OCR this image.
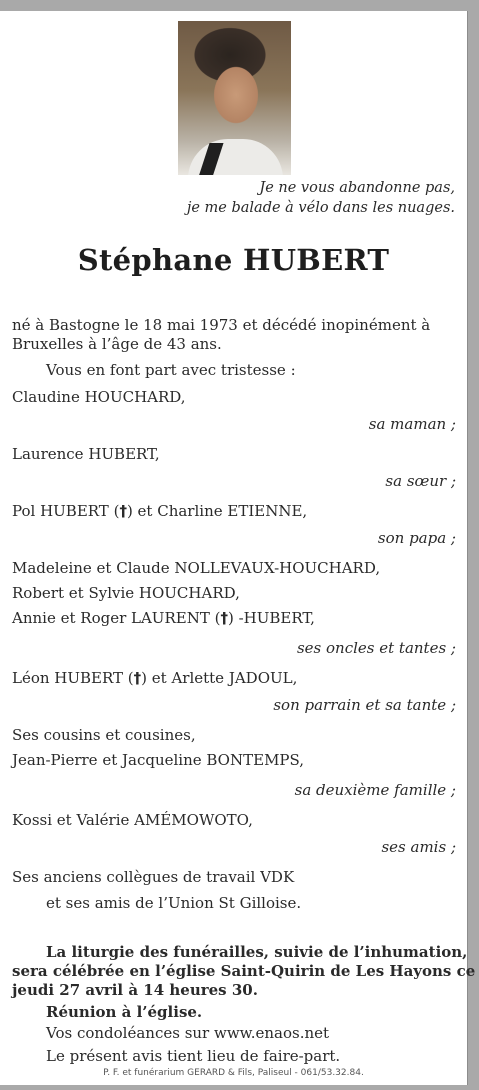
Je ne vous abandonne pas,
je me balade à vélo dans les nuages.
Stéphane HUBERT
né à Bastogne le 18 mai 1973 et décédé inopinément à
Bruxelles à l’âge de 43 ans.
Vous en font part avec tristesse :
Claudine HOUCHARD,
sa maman ;
Laurence HUBERT,
sa sœur ;
Pol HUBERT (†) et Charline ETIENNE,
son papa ;
Madeleine et Claude NOLLEVAUX-HOUCHARD,
Robert et Sylvie HOUCHARD,
Annie et Roger LAURENT (†) -HUBERT,
ses oncles et tantes ;
Léon HUBERT (†) et Arlette JADOUL,
son parrain et sa tante ;
Ses cousins et cousines,
Jean-Pierre et Jacqueline BONTEMPS,
sa deuxième famille ;
Kossi et Valérie AMÉMOWOTO,
ses amis ;
Ses anciens collègues de travail VDK
et ses amis de l’Union St Gilloise.
La liturgie des funérailles, suivie de l’inhumation,
sera célébrée en l’église Saint-Quirin de Les Hayons ce
jeudi 27 avril à 14 heures 30.
Réunion à l’église.
Vos condoléances sur www.enaos.net
Le présent avis tient lieu de faire-part.
P. F. et funérarium GERARD & Fils, Paliseul - 061/53.32.84.
